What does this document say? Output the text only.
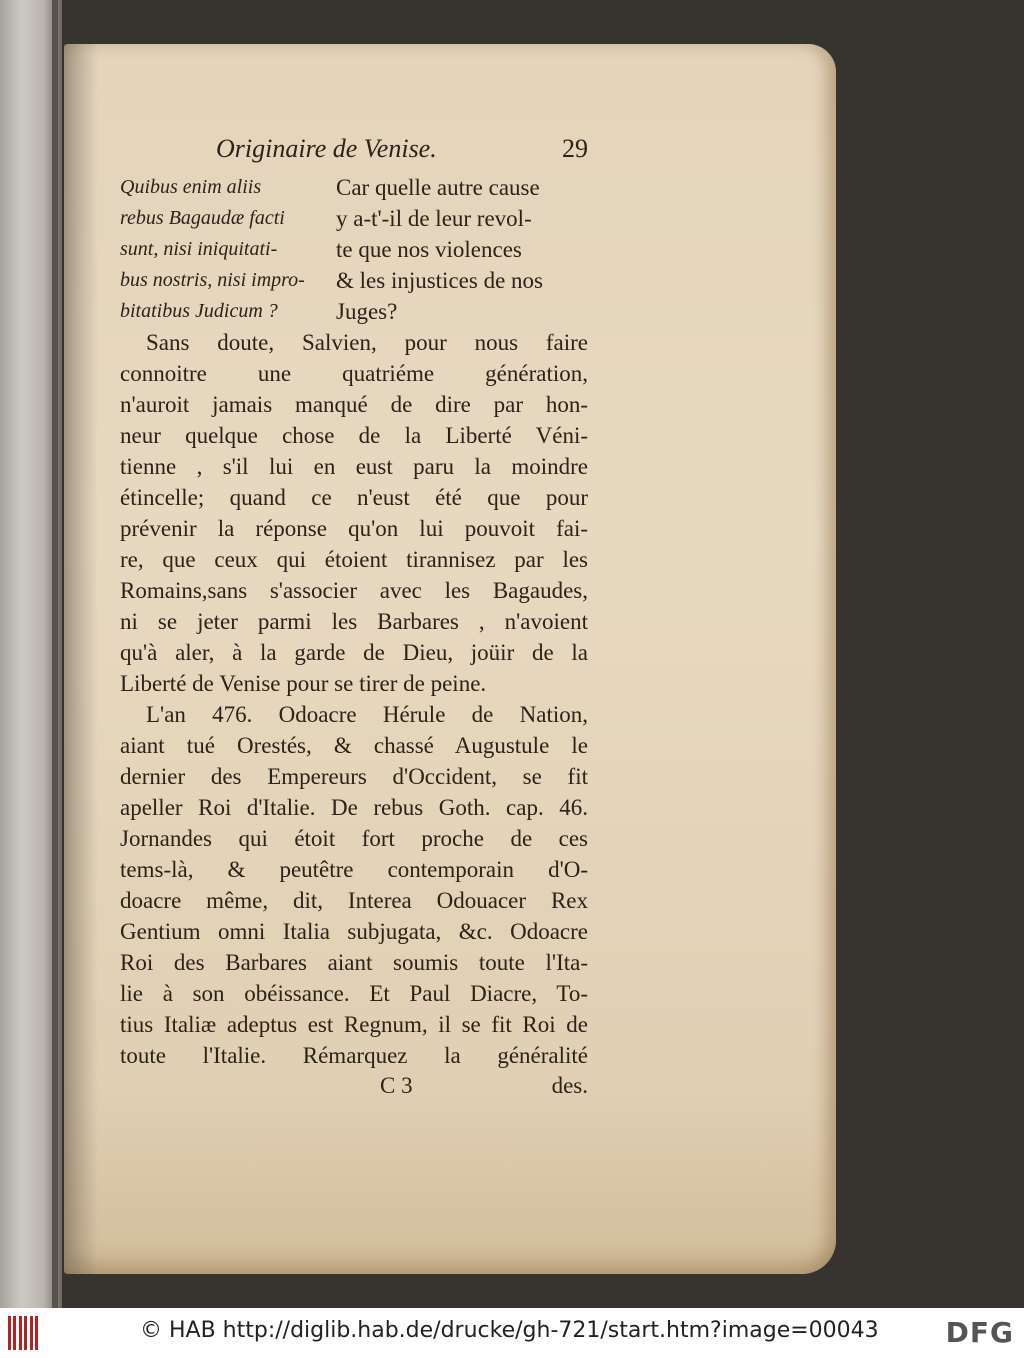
Originaire de Venise.	29
Quibus enim aliis
rebus Bagaudæ facti
sunt, nisi iniquitati-
bus nostris, nisi impro-
bitatibus Judicum ?
Car quelle autre cause
y a-t'-il de leur revol-
te que nos violences
& les injustices de nos
Juges?
Sans doute, Salvien, pour nous faire
connoitre une quatriéme génération,
n'auroit jamais manqué de dire par hon-
neur quelque chose de la Liberté Véni-
tienne , s'il lui en eust paru la moindre
étincelle; quand ce n'eust été que pour
prévenir la réponse qu'on lui pouvoit fai-
re, que ceux qui étoient tirannisez par les
Romains,sans s'associer avec les Bagaudes,
ni se jeter parmi les Barbares , n'avoient
qu'à aler, à la garde de Dieu, joüir de la
Liberté de Venise pour se tirer de peine.
L'an 476. Odoacre Hérule de Nation,
aiant tué Orestés, & chassé Augustule le
dernier des Empereurs d'Occident, se fit
apeller Roi d'Italie. De rebus Goth. cap. 46.
Jornandes qui étoit fort proche de ces
tems-là, & peutêtre contemporain d'O-
doacre même, dit, Interea Odouacer Rex
Gentium omni Italia subjugata, &c. Odoacre
Roi des Barbares aiant soumis toute l'Ita-
lie à son obéissance. Et Paul Diacre, To-
tius Italiæ adeptus est Regnum, il se fit Roi de
toute l'Italie. Rémarquez la généralité
C 3	des.
© HAB http://diglib.hab.de/drucke/gh-721/start.htm?image=00043 DFG
